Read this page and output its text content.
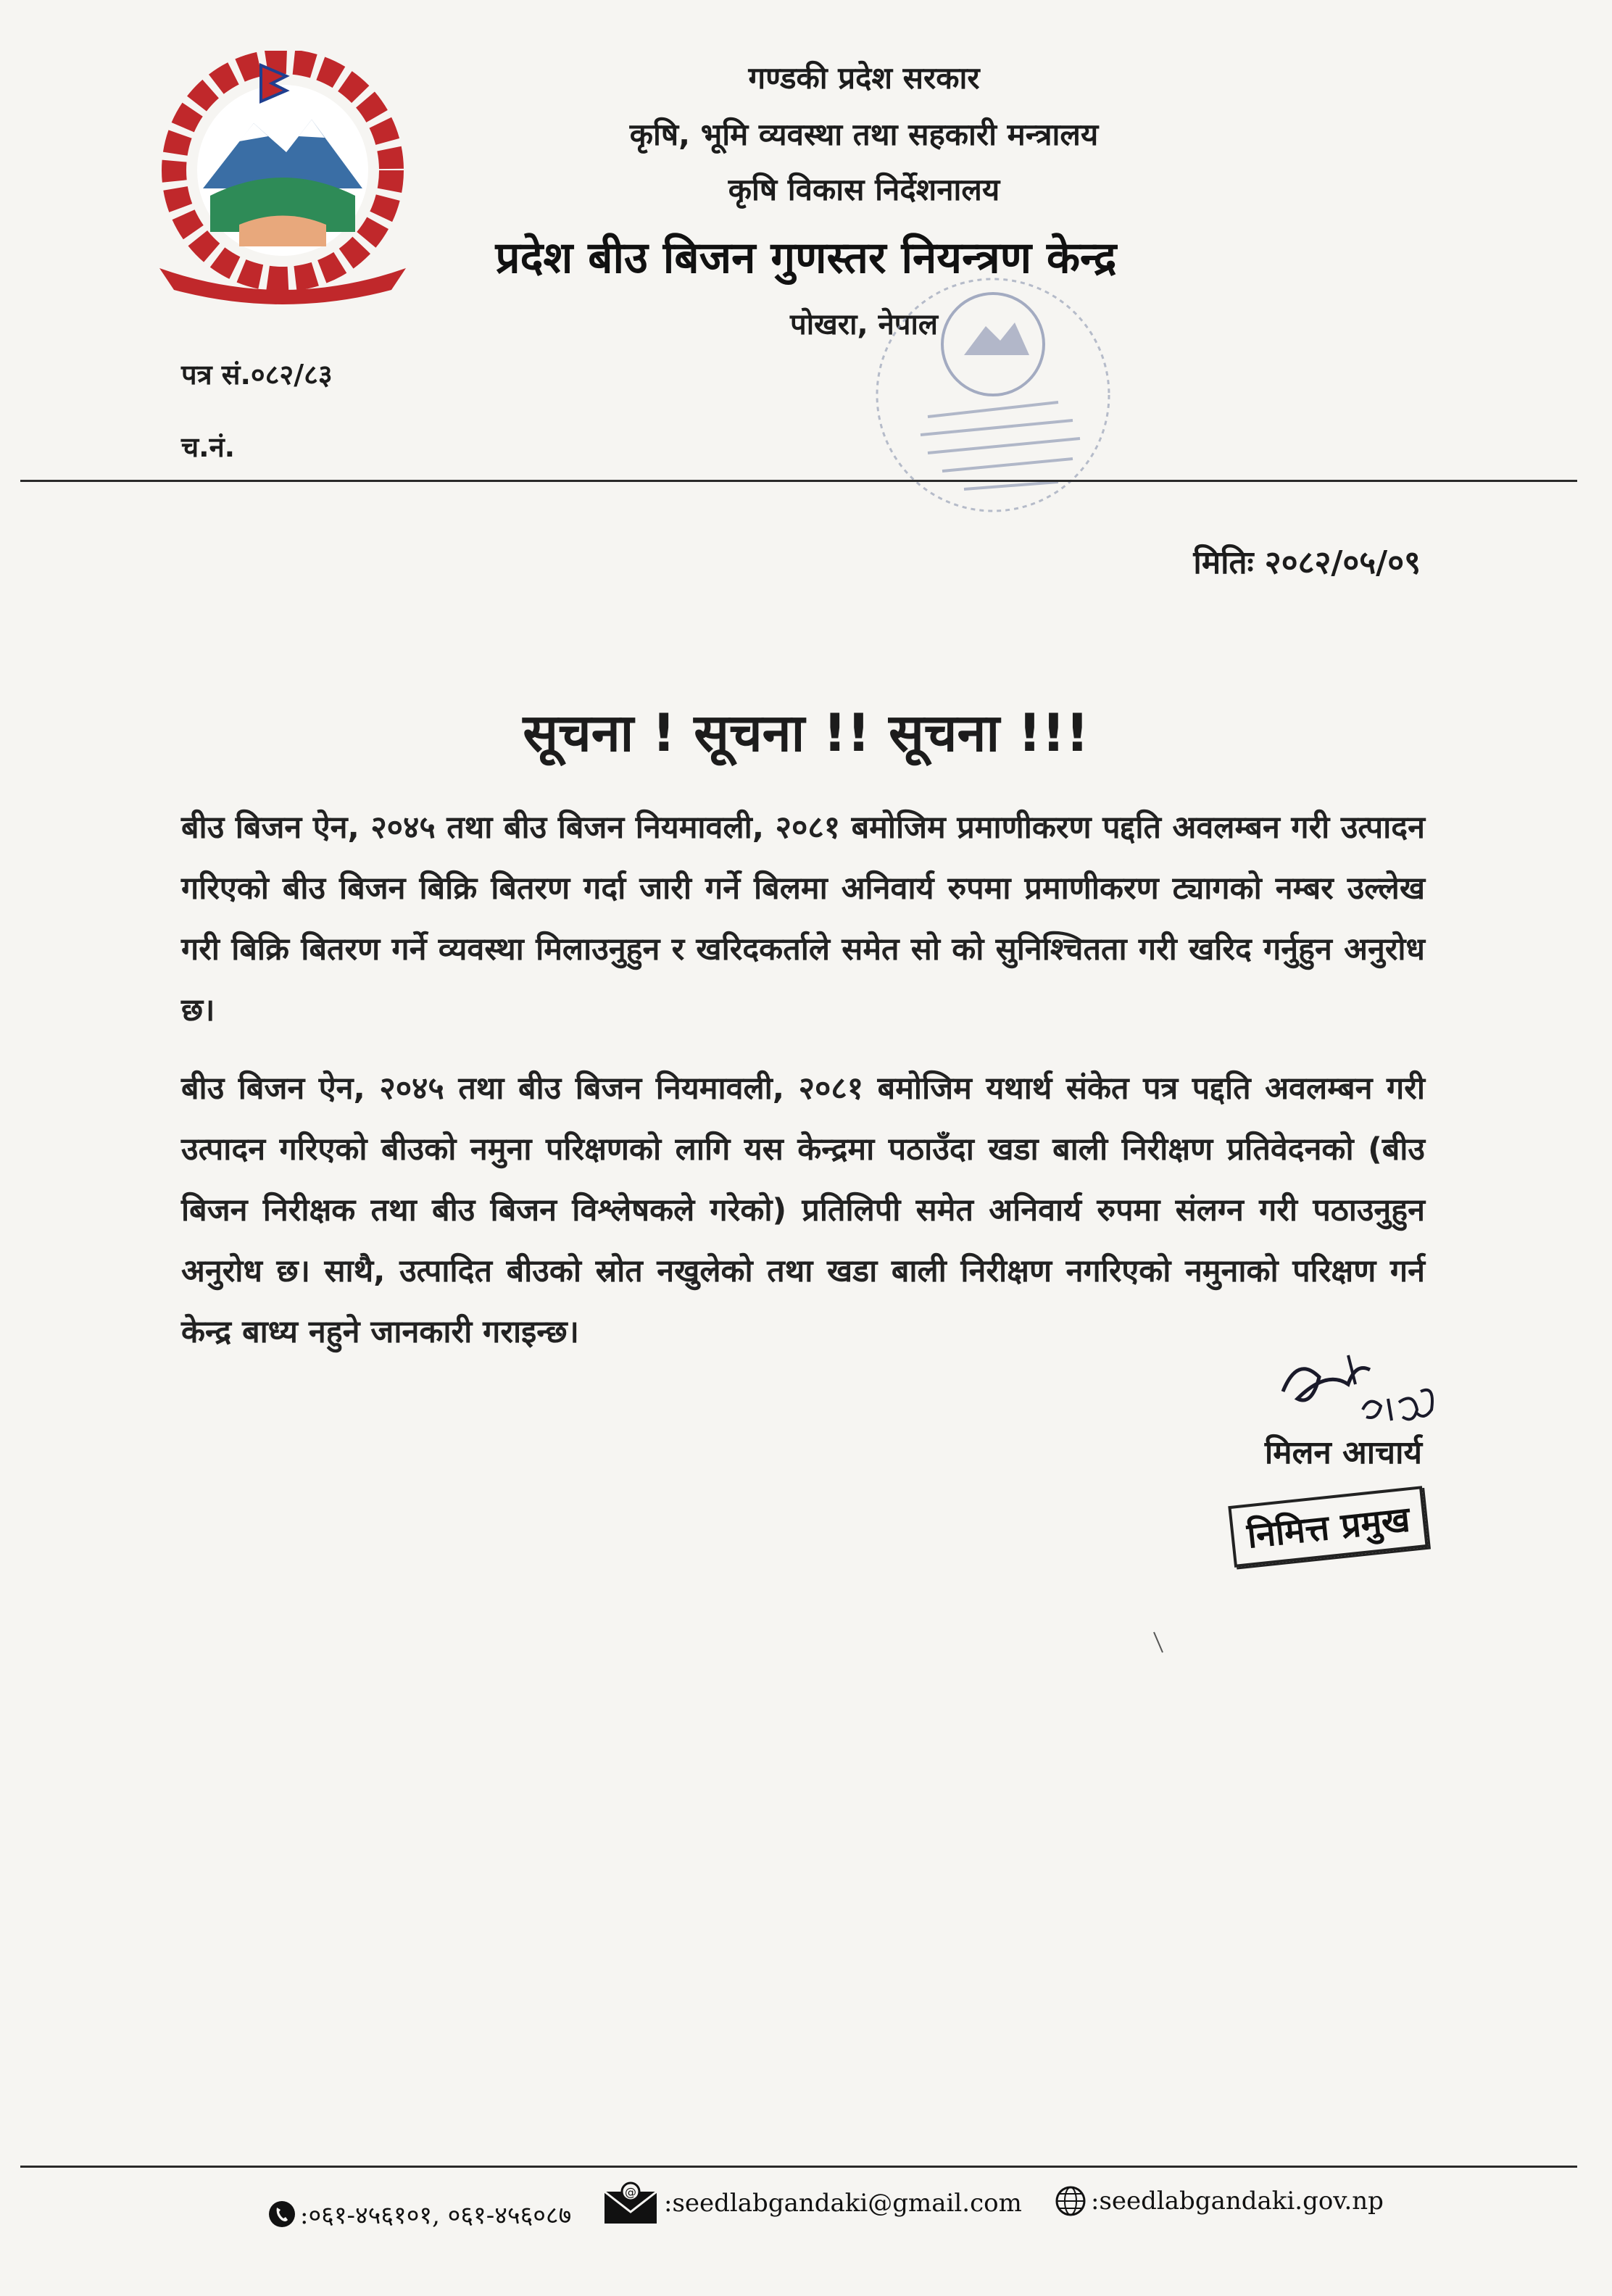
गण्डकी प्रदेश सरकार
कृषि, भूमि व्यवस्था तथा सहकारी मन्त्रालय
कृषि विकास निर्देशनालय
प्रदेश बीउ बिजन गुणस्तर नियन्त्रण केन्द्र
पोखरा, नेपाल
पत्र सं.०८२/८३
च.नं.
मितिः २०८२/०५/०९
सूचना ! सूचना !! सूचना !!!
बीउ बिजन ऐन, २०४५ तथा बीउ बिजन नियमावली, २०८१ बमोजिम प्रमाणीकरण पद्दति अवलम्बन गरी उत्पादन गरिएको बीउ बिजन बिक्रि बितरण गर्दा जारी गर्ने बिलमा अनिवार्य रुपमा प्रमाणीकरण ट्यागको नम्बर उल्लेख गरी बिक्रि बितरण गर्ने व्यवस्था मिलाउनुहुन र खरिदकर्ताले समेत सो को सुनिश्चितता गरी खरिद गर्नुहुन अनुरोध छ।
बीउ बिजन ऐन, २०४५ तथा बीउ बिजन नियमावली, २०८१ बमोजिम यथार्थ संकेत पत्र पद्दति अवलम्बन गरी उत्पादन गरिएको बीउको नमुना परिक्षणको लागि यस केन्द्रमा पठाउँदा खडा बाली निरीक्षण प्रतिवेदनको (बीउ बिजन निरीक्षक तथा बीउ बिजन विश्लेषकले गरेको) प्रतिलिपी समेत अनिवार्य रुपमा संलग्न गरी पठाउनुहुन अनुरोध छ। साथै, उत्पादित बीउको स्रोत नखुलेको तथा खडा बाली निरीक्षण नगरिएको नमुनाको परिक्षण गर्न केन्द्र बाध्य नहुने जानकारी गराइन्छ।
मिलन आचार्य
निमित्त प्रमुख
:०६१-४५६१०१, ०६१-४५६०८७
@ :seedlabgandaki@gmail.com	:seedlabgandaki.gov.np
